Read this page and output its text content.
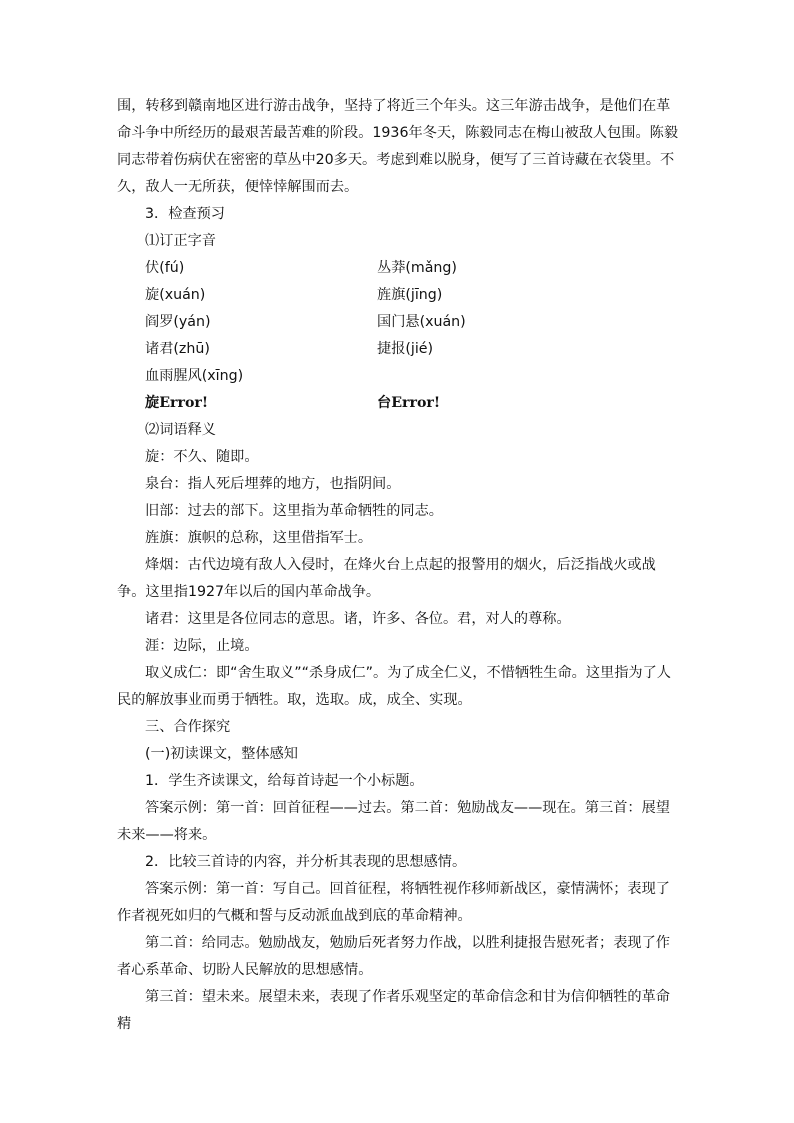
围，转移到赣南地区进行游击战争，坚持了将近三个年头。这三年游击战争，是他们在革命斗争中所经历的最艰苦最苦难的阶段。1936年冬天，陈毅同志在梅山被敌人包围。陈毅同志带着伤病伏在密密的草丛中20多天。考虑到难以脱身，便写了三首诗藏在衣袋里。不久，敌人一无所获，便悻悻解围而去。

3．检查预习

⑴订正字音

伏(fú)	丛莽(mǎng)
旋(xuán)	旌旗(jīng)
阎罗(yán)	国门悬(xuán)
诸君(zhū)	捷报(jié)
血雨腥风(xīng)
旋Error!	台Error!

⑵词语释义

旋：不久、随即。

泉台：指人死后埋葬的地方，也指阴间。

旧部：过去的部下。这里指为革命牺牲的同志。

旌旗：旗帜的总称，这里借指军士。

烽烟：古代边境有敌人入侵时，在烽火台上点起的报警用的烟火，后泛指战火或战争。这里指1927年以后的国内革命战争。

诸君：这里是各位同志的意思。诸，许多、各位。君，对人的尊称。

涯：边际，止境。

取义成仁：即“舍生取义”“杀身成仁”。为了成全仁义，不惜牺牲生命。这里指为了人民的解放事业而勇于牺牲。取，选取。成，成全、实现。

三、合作探究

(一)初读课文，整体感知

1．学生齐读课文，给每首诗起一个小标题。

答案示例：第一首：回首征程——过去。第二首：勉励战友——现在。第三首：展望未来——将来。

2．比较三首诗的内容，并分析其表现的思想感情。

答案示例：第一首：写自己。回首征程，将牺牲视作移师新战区，豪情满怀；表现了作者视死如归的气概和誓与反动派血战到底的革命精神。

第二首：给同志。勉励战友，勉励后死者努力作战，以胜利捷报告慰死者；表现了作者心系革命、切盼人民解放的思想感情。

第三首：望未来。展望未来，表现了作者乐观坚定的革命信念和甘为信仰牺牲的革命精
